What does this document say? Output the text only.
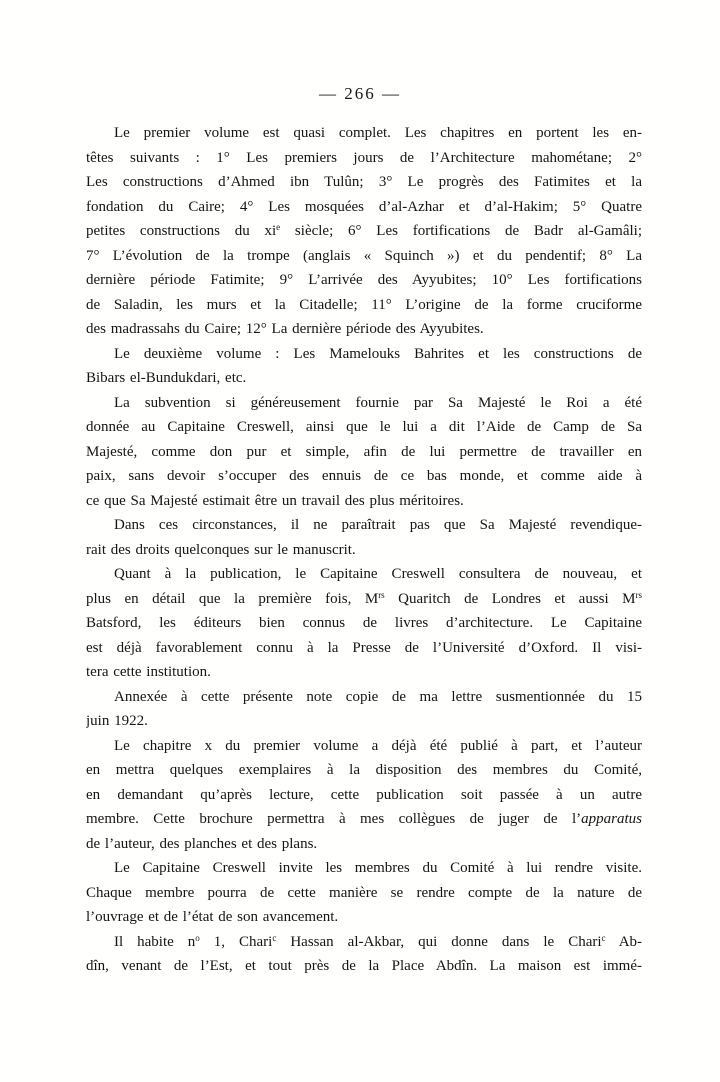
— 266 —
Le premier volume est quasi complet. Les chapitres en portent les en-
têtes suivants : 1° Les premiers jours de l’Architecture mahométane; 2°
Les constructions d’Ahmed ibn Tulûn; 3° Le progrès des Fatimites et la
fondation du Caire; 4° Les mosquées d’al-Azhar et d’al-Hakim; 5° Quatre
petites constructions du $xi^e$ siècle; 6° Les fortifications de Badr al-Gamâli;
7° L’évolution de la trompe (anglais « Squinch ») et du pendentif; 8° La
dernière période Fatimite; 9° L’arrivée des Ayyubites; 10° Les fortifications
de Saladin, les murs et la Citadelle; 11° L’origine de la forme cruciforme
des madrassahs du Caire; 12° La dernière période des Ayyubites.
Le deuxième volume : Les Mamelouks Bahrites et les constructions de
Bibars el-Bundukdari, etc.
La subvention si généreusement fournie par Sa Majesté le Roi a été
donnée au Capitaine Creswell, ainsi que le lui a dit l’Aide de Camp de Sa
Majesté, comme don pur et simple, afin de lui permettre de travailler en
paix, sans devoir s’occuper des ennuis de ce bas monde, et comme aide à
ce que Sa Majesté estimait être un travail des plus méritoires.
Dans ces circonstances, il ne paraîtrait pas que Sa Majesté revendique-
rait des droits quelconques sur le manuscrit.
Quant à la publication, le Capitaine Creswell consultera de nouveau, et
plus en détail que la première fois, $M^{rs}$ Quaritch de Londres et aussi $M^{rs}$
Batsford, les éditeurs bien connus de livres d’architecture. Le Capitaine
est déjà favorablement connu à la Presse de l’Université d’Oxford. Il visi-
tera cette institution.
Annexée à cette présente note copie de ma lettre susmentionnée du 15
juin 1922.
Le chapitre x du premier volume a déjà été publié à part, et l’auteur
en mettra quelques exemplaires à la disposition des membres du Comité,
en demandant qu’après lecture, cette publication soit passée à un autre
membre. Cette brochure permettra à mes collègues de juger de l’apparatus
de l’auteur, des planches et des plans.
Le Capitaine Creswell invite les membres du Comité à lui rendre visite.
Chaque membre pourra de cette manière se rendre compte de la nature de
l’ouvrage et de l’état de son avancement.
Il habite $n^o$ 1, Chari$^c$ Hassan al-Akbar, qui donne dans le Chari$^c$ Ab-
dîn, venant de l’Est, et tout près de la Place Abdîn. La maison est immé-
